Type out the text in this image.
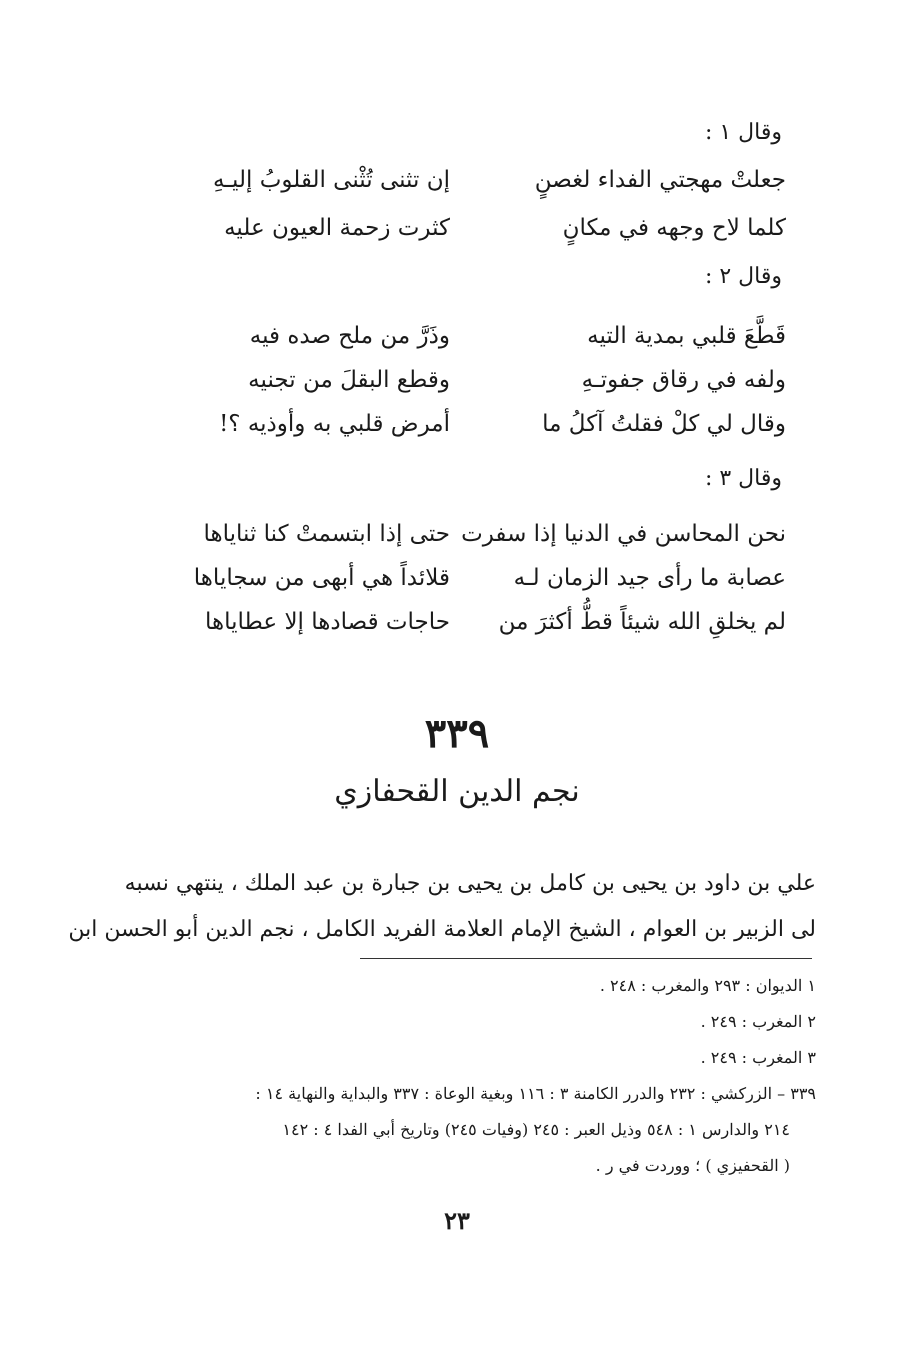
وقال ١ :
جعلتْ مهجتي الفداء لغصنٍ
إن تثنى تُثْنى القلوبُ إليـهِ
كلما لاح وجهه في مكانٍ
كثرت زحمة العيون عليه
وقال ٢ :
قَطَّعَ قلبي بمدية التيه
وذَرَّ من ملح صده فيه
ولفه في رقاق جفوتـهِ
وقطع البقلَ من تجنيه
وقال لي كلْ فقلتُ آكلُ ما
أمرض قلبي به وأوذيه ؟!
وقال ٣ :
نحن المحاسن في الدنيا إذا سفرت
حتى إذا ابتسمتْ كنا ثناياها
عصابة ما رأى جيد الزمان لـه
قلائداً هي أبهى من سجاياها
لم يخلقِ الله شيئاً قطُّ أكثرَ من
حاجات قصادها إلا عطاياها
٣٣٩
نجم الدين القحفازي
علي بن داود بن يحيى بن كامل بن يحيى بن جبارة بن عبد الملك ، ينتهي نسبه
لى الزبير بن العوام ، الشيخ الإمام العلامة الفريد الكامل ، نجم الدين أبو الحسن ابن
١ الديوان : ٢٩٣ والمغرب : ٢٤٨ .
٢ المغرب : ٢٤٩ .
٣ المغرب : ٢٤٩ .
٣٣٩ – الزركشي : ٢٣٢ والدرر الكامنة ٣ : ١١٦ وبغية الوعاة : ٣٣٧ والبداية والنهاية ١٤ :
٢١٤ والدارس ١ : ٥٤٨ وذيل العبر : ٢٤٥ (وفيات ٢٤٥) وتاريخ أبي الفدا ٤ : ١٤٢
( القحفيزي ) ؛ ووردت في ر .
٢٣
